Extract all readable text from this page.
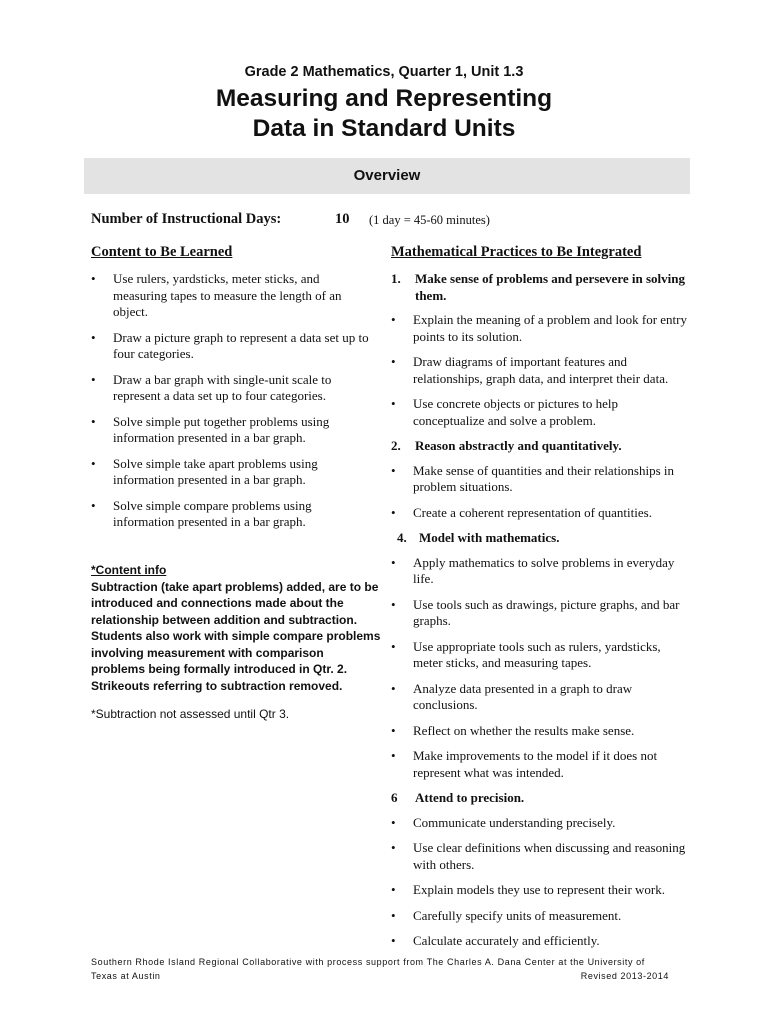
Grade 2 Mathematics, Quarter 1, Unit 1.3
Measuring and Representing
Data in Standard Units
Overview
Number of Instructional Days:	10 (1 day = 45-60 minutes)
Content to Be Learned
• Use rulers, yardsticks, meter sticks, and measuring tapes to measure the length of an object.
• Draw a picture graph to represent a data set up to four categories.
• Draw a bar graph with single-unit scale to represent a data set up to four categories.
• Solve simple put together problems using information presented in a bar graph.
• Solve simple take apart problems using information presented in a bar graph.
• Solve simple compare problems using information presented in a bar graph.
*Content info
Subtraction (take apart problems) added, are to be introduced and connections made about the relationship between addition and subtraction. Students also work with simple compare problems involving measurement with comparison problems being formally introduced in Qtr. 2.
Strikeouts referring to subtraction removed.
*Subtraction not assessed until Qtr 3.
Mathematical Practices to Be Integrated
1. Make sense of problems and persevere in solving them.
• Explain the meaning of a problem and look for entry points to its solution.
• Draw diagrams of important features and relationships, graph data, and interpret their data.
• Use concrete objects or pictures to help conceptualize and solve a problem.
2. Reason abstractly and quantitatively.
• Make sense of quantities and their relationships in problem situations.
• Create a coherent representation of quantities.
4. Model with mathematics.
• Apply mathematics to solve problems in everyday life.
• Use tools such as drawings, picture graphs, and bar graphs.
• Use appropriate tools such as rulers, yardsticks, meter sticks, and measuring tapes.
• Analyze data presented in a graph to draw conclusions.
• Reflect on whether the results make sense.
• Make improvements to the model if it does not represent what was intended.
6 Attend to precision.
• Communicate understanding precisely.
• Use clear definitions when discussing and reasoning with others.
• Explain models they use to represent their work.
• Carefully specify units of measurement.
• Calculate accurately and efficiently.
Southern Rhode Island Regional Collaborative with process support from The Charles A. Dana Center at the University of
Texas at Austin	Revised 2013-2014
